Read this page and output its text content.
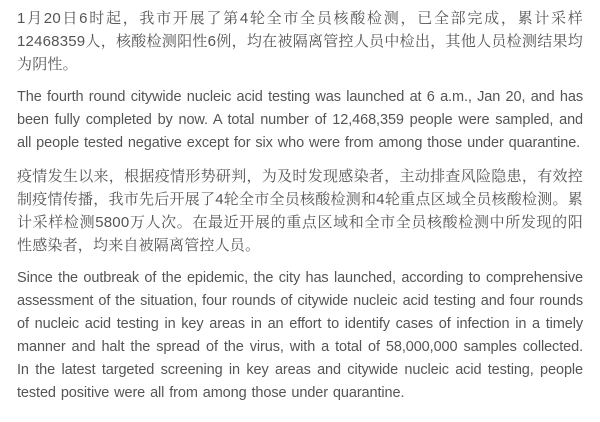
1月20日6时起，我市开展了第4轮全市全员核酸检测，已全部完成，累计采样12468359人，核酸检测阳性6例，均在被隔离管控人员中检出，其他人员检测结果均为阴性。

The fourth round citywide nucleic acid testing was launched at 6 a.m., Jan 20, and has been fully completed by now. A total number of 12,468,359 people were sampled, and all people tested negative except for six who were from among those under quarantine.

疫情发生以来，根据疫情形势研判，为及时发现感染者，主动排查风险隐患，有效控制疫情传播，我市先后开展了4轮全市全员核酸检测和4轮重点区域全员核酸检测。累计采样检测5800万人次。在最近开展的重点区域和全市全员核酸检测中所发现的阳性感染者，均来自被隔离管控人员。

Since the outbreak of the epidemic, the city has launched, according to comprehensive assessment of the situation, four rounds of citywide nucleic acid testing and four rounds of nucleic acid testing in key areas in an effort to identify cases of infection in a timely manner and halt the spread of the virus, with a total of 58,000,000 samples collected. In the latest targeted screening in key areas and citywide nucleic acid testing, people tested positive were all from among those under quarantine.
